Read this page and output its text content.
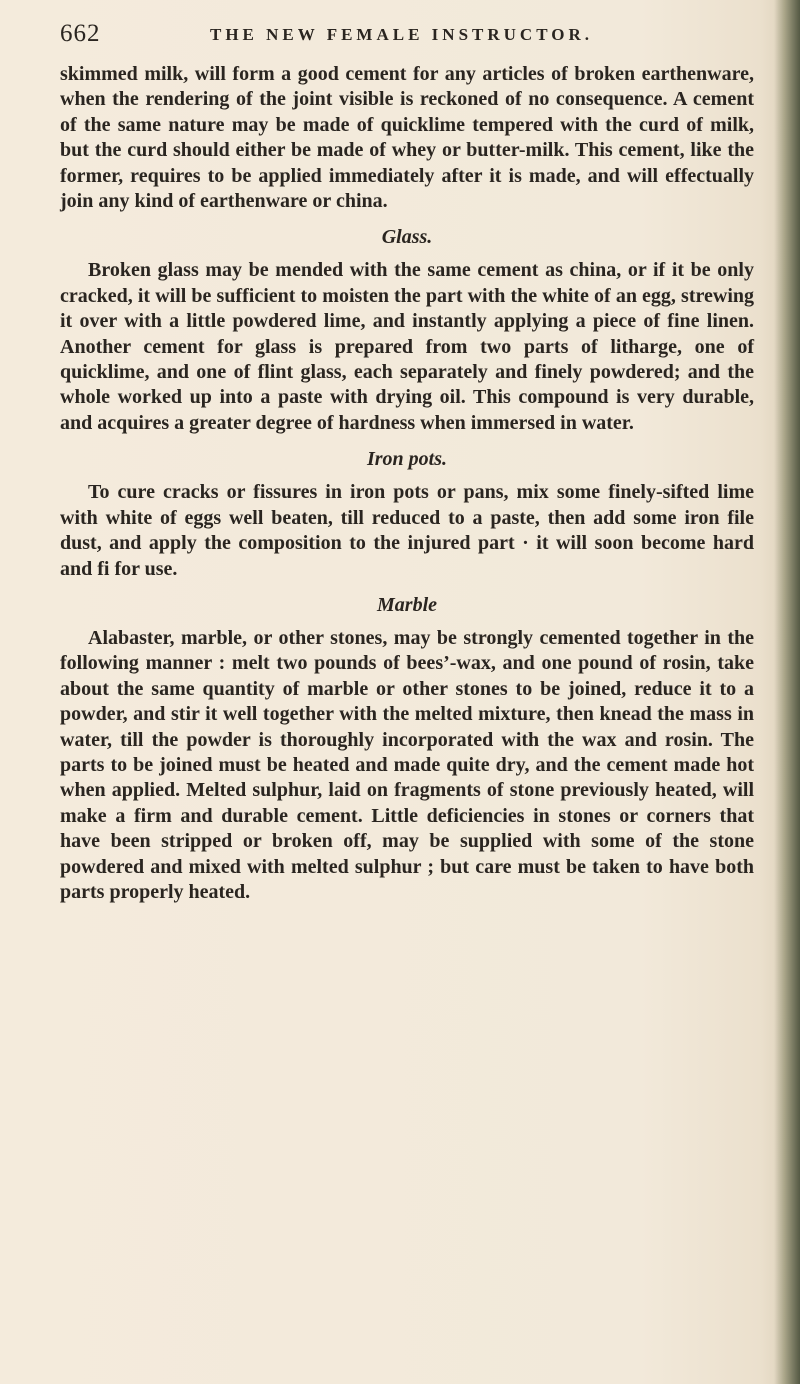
662	THE NEW FEMALE INSTRUCTOR.

skimmed milk, will form a good cement for any articles of broken earthenware, when the rendering of the joint visible is reckoned of no consequence. A cement of the same nature may be made of quicklime tempered with the curd of milk, but the curd should either be made of whey or butter-milk. This cement, like the former, requires to be applied immediately after it is made, and will effectually join any kind of earthenware or china.

Glass.

Broken glass may be mended with the same cement as china, or if it be only cracked, it will be sufficient to moisten the part with the white of an egg, strewing it over with a little powdered lime, and instantly applying a piece of fine linen. Another cement for glass is prepared from two parts of litharge, one of quicklime, and one of flint glass, each separately and finely powdered; and the whole worked up into a paste with drying oil. This compound is very durable, and acquires a greater degree of hardness when immersed in water.

Iron pots.

To cure cracks or fissures in iron pots or pans, mix some finely-sifted lime with white of eggs well beaten, till reduced to a paste, then add some iron file dust, and apply the composition to the injured part · it will soon become hard and fi for use.

Marble

Alabaster, marble, or other stones, may be strongly cemented together in the following manner : melt two pounds of bees’-wax, and one pound of rosin, take about the same quantity of marble or other stones to be joined, reduce it to a powder, and stir it well together with the melted mixture, then knead the mass in water, till the powder is thoroughly incorporated with the wax and rosin. The parts to be joined must be heated and made quite dry, and the cement made hot when applied. Melted sulphur, laid on fragments of stone previously heated, will make a firm and durable cement. Little deficiencies in stones or corners that have been stripped or broken off, may be supplied with some of the stone powdered and mixed with melted sulphur ; but care must be taken to have both parts properly heated.
